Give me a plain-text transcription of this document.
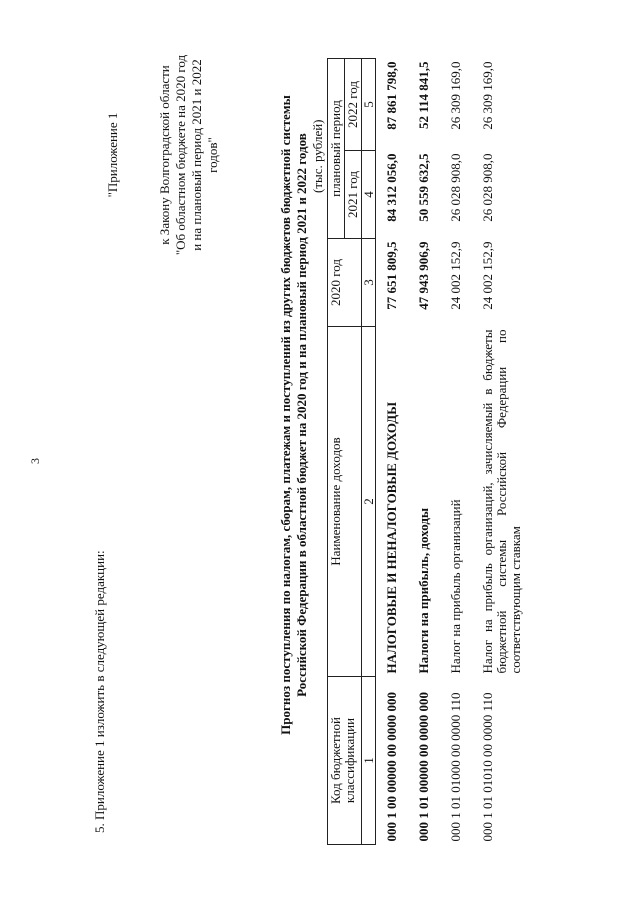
3
5. Приложение 1 изложить в следующей редакции:
"Приложение 1	к Закону Волгоградской области "Об областном бюджете на 2020 год и на плановый период 2021 и 2022 годов"	Прогноз поступления по налогам, сборам, платежам и поступлений из других бюджетов бюджетной системы Российской Федерации в областной бюджет на 2020 год и на плановый период 2021 и 2022 годов (тыс. рублей)
Код бюджетной классификации	Наименование доходов	2020 год	плановый период	
			2021 год	2022 год
1	2	3	4	5
000 1 00 00000 00 0000 000	НАЛОГОВЫЕ И НЕНАЛОГОВЫЕ ДОХОДЫ	77 651 809,5	84 312 056,0	87 861 798,0
000 1 01 00000 00 0000 000	Налоги на прибыль, доходы	47 943 906,9	50 559 632,5	52 114 841,5
000 1 01 01000 00 0000 110	Налог на прибыль организаций	24 002 152,9	26 028 908,0	26 309 169,0
000 1 01 01010 00 0000 110	Налог на прибыль организаций, зачисляемый в бюджеты бюджетной системы Российской Федерации по соответствующим ставкам	24 002 152,9	26 028 908,0	26 309 169,0
